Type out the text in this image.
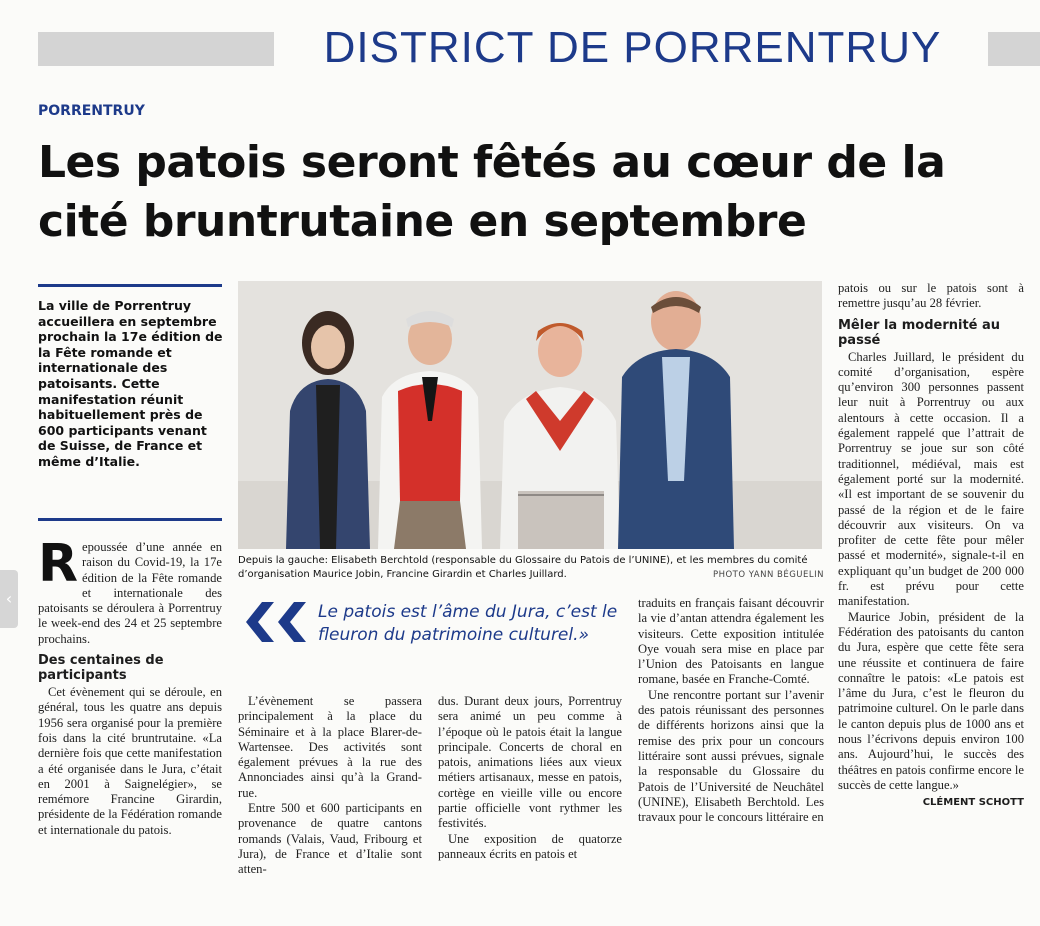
DISTRICT DE PORRENTRUY
PORRENTRUY
Les patois seront fêtés au cœur de la cité bruntrutaine en septembre
La ville de Porrentruy accueillera en septembre prochain la 17e édition de la Fête romande et internationale des patoisants. Cette manifestation réunit habituellement près de 600 participants venant de Suisse, de France et même d’Italie.

Repoussée d’une année en raison du Covid-19, la 17e édition de la Fête romande et internationale des patoisants se déroulera à Porrentruy le week-end des 24 et 25 septembre prochains.

Des centaines de participants

Cet évènement qui se déroule, en général, tous les quatre ans depuis 1956 sera organisé pour la première fois dans la cité bruntrutaine. «La dernière fois que cette manifestation a été organisée dans le Jura, c’était en 2001 à Saignelégier», se remémore Francine Girardin, présidente de la Fédération romande et internationale du patois.

Depuis la gauche: Elisabeth Berchtold (responsable du Glossaire du Patois de l’UNINE), et les membres du comité d’organisation Maurice Jobin, Francine Girardin et Charles Juillard.	PHOTO YANN BÉGUELIN
Le patois est l’âme du Jura, c’est le fleuron du patrimoine culturel.»

L’évènement se passera principalement à la place du Séminaire et à la place Blarer-de-Wartensee. Des activités sont également prévues à la rue des Annonciades ainsi qu’à la Grand-rue.

Entre 500 et 600 participants en provenance de quatre cantons romands (Valais, Vaud, Fribourg et Jura), de France et d’Italie sont atten-

dus. Durant deux jours, Porrentruy sera animé un peu comme à l’époque où le patois était la langue principale. Concerts de choral en patois, animations liées aux vieux métiers artisanaux, messe en patois, cortège en vieille ville ou encore partie officielle vont rythmer les festivités.

Une exposition de quatorze panneaux écrits en patois et

traduits en français faisant découvrir la vie d’antan attendra également les visiteurs. Cette exposition intitulée Oye vouah sera mise en place par l’Union des Patoisants en langue romane, basée en Franche-Comté.

Une rencontre portant sur l’avenir des patois réunissant des personnes de différents horizons ainsi que la remise des prix pour un concours littéraire sont aussi prévues, signale la responsable du Glossaire du Patois de l’Université de Neuchâtel (UNINE), Elisabeth Berchtold. Les travaux pour le concours littéraire en

patois ou sur le patois sont à remettre jusqu’au 28 février.

Mêler la modernité au passé

Charles Juillard, le président du comité d’organisation, espère qu’environ 300 personnes passent leur nuit à Porrentruy ou aux alentours à cette occasion. Il a également rappelé que l’attrait de Porrentruy se joue sur son côté traditionnel, médiéval, mais est également porté sur la modernité. «Il est important de se souvenir du passé de la région et de le faire découvrir aux visiteurs. On va profiter de cette fête pour mêler passé et modernité», signale-t-il en expliquant qu’un budget de 200 000 fr. est prévu pour cette manifestation.

Maurice Jobin, président de la Fédération des patoisants du canton du Jura, espère que cette fête sera une réussite et continuera de faire connaître le patois: «Le patois est l’âme du Jura, c’est le fleuron du patrimoine culturel. On le parle dans le canton depuis plus de 1000 ans et nous l’écrivons depuis environ 100 ans. Aujourd’hui, le succès des théâtres en patois confirme encore le succès de cette langue.»

CLÉMENT SCHOTT
‹
